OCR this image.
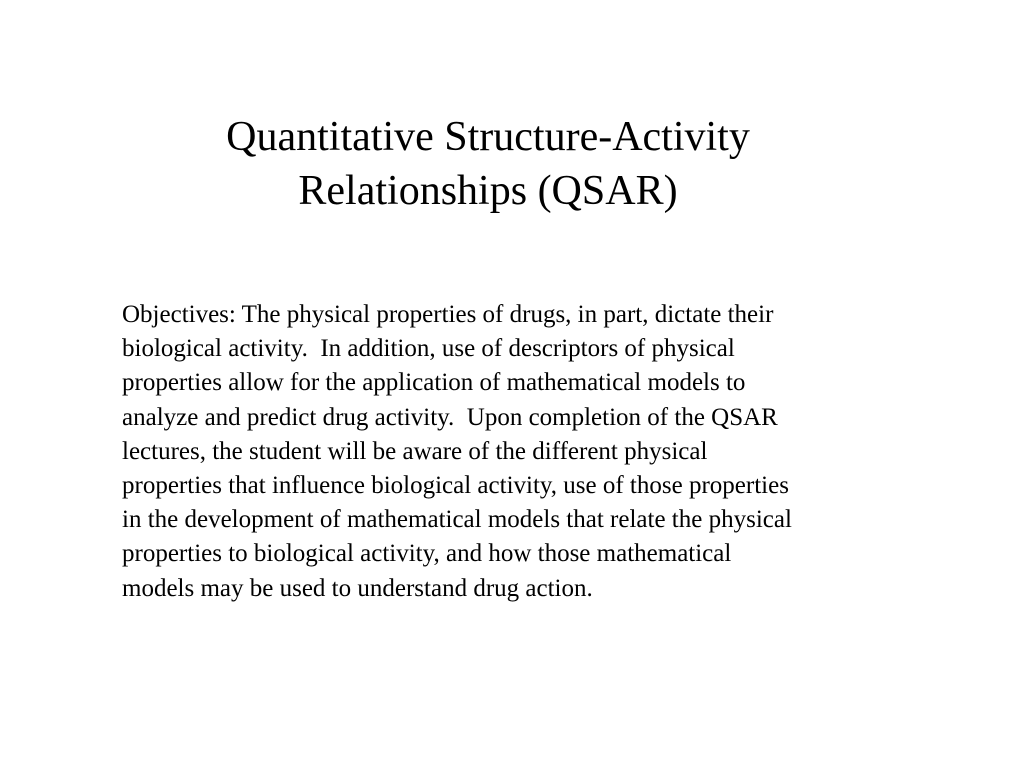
Quantitative Structure-Activity
Relationships (QSAR)
Objectives: The physical properties of drugs, in part, dictate their
biological activity.  In addition, use of descriptors of physical
properties allow for the application of mathematical models to
analyze and predict drug activity.  Upon completion of the QSAR
lectures, the student will be aware of the different physical
properties that influence biological activity, use of those properties
in the development of mathematical models that relate the physical
properties to biological activity, and how those mathematical
models may be used to understand drug action.
